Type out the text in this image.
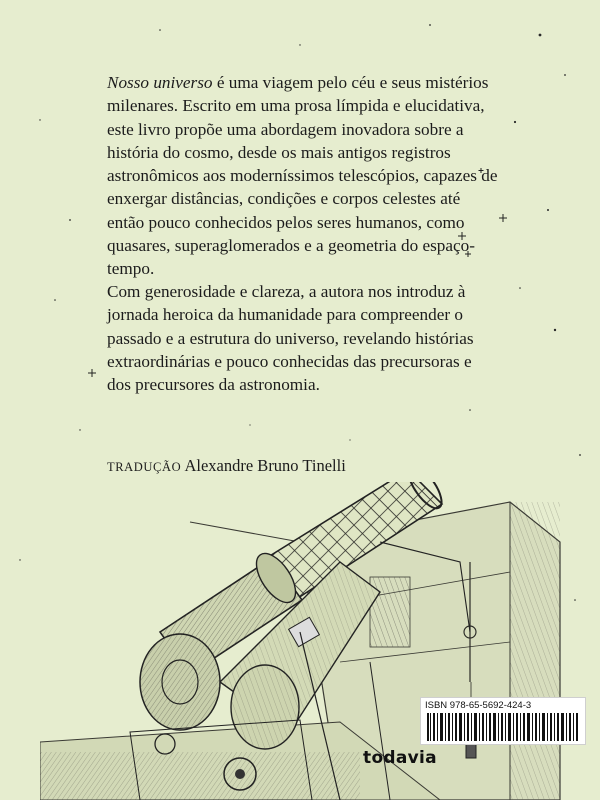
Nosso universo é uma viagem pelo céu e seus mistérios milenares. Escrito em uma prosa límpida e elucidativa, este livro propõe uma abordagem inovadora sobre a história do cosmo, desde os mais antigos registros astronômicos aos moderníssimos telescópios, capazes de enxergar distâncias, condições e corpos celestes até então pouco conhecidos pelos seres humanos, como quasares, superaglomerados e a geometria do espaço-tempo.

Com generosidade e clareza, a autora nos introduz à jornada heroica da humanidade para compreender o passado e a estrutura do universo, revelando histórias extraordinárias e pouco conhecidas das precursoras e dos precursores da astronomia.

TRADUÇÃO Alexandre Bruno Tinelli
ISBN 978-65-5692-424-3
todavia
